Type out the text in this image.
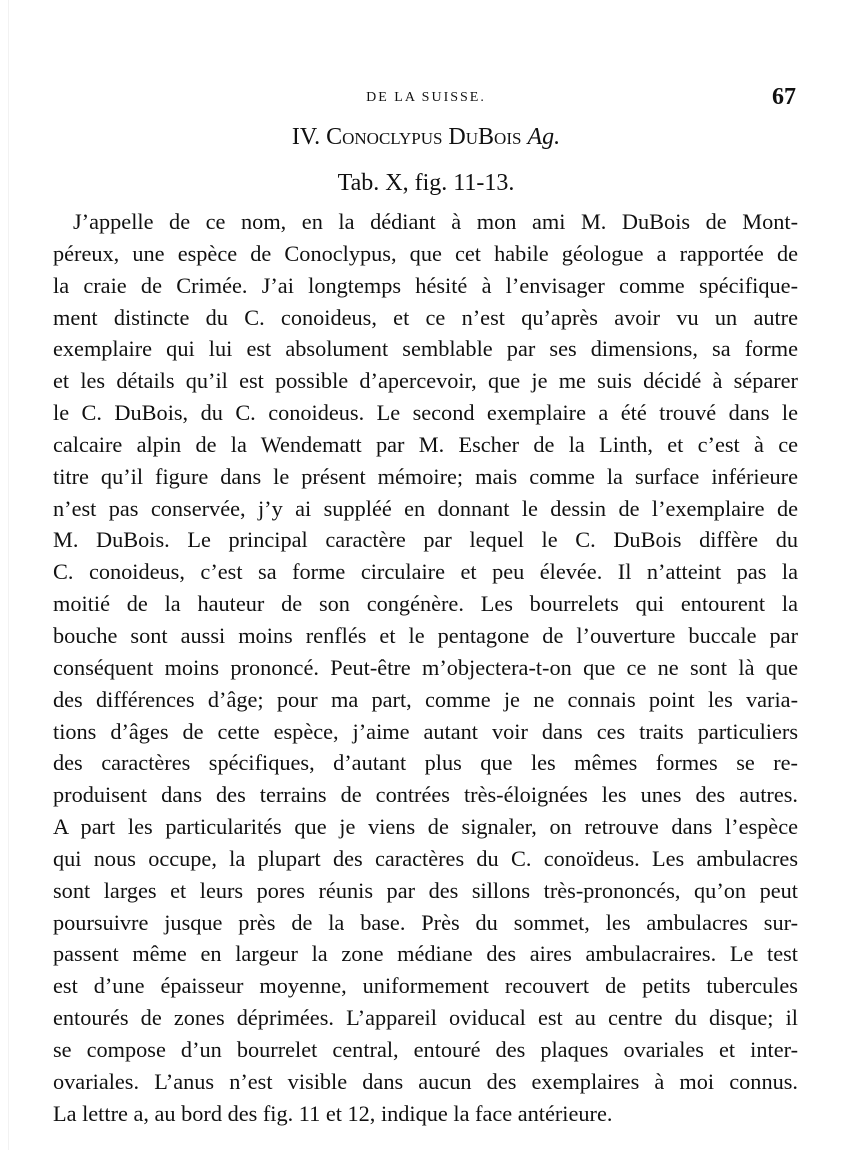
DE LA SUISSE.	67
IV. Conoclypus DuBois Ag.
Tab. X, fig. 11-13.
J’appelle de ce nom, en la dédiant à mon ami M. DuBois de Mont-
péreux, une espèce de Conoclypus, que cet habile géologue a rapportée de
la craie de Crimée. J’ai longtemps hésité à l’envisager comme spécifique-
ment distincte du C. conoideus, et ce n’est qu’après avoir vu un autre
exemplaire qui lui est absolument semblable par ses dimensions, sa forme
et les détails qu’il est possible d’apercevoir, que je me suis décidé à séparer
le C. DuBois, du C. conoideus. Le second exemplaire a été trouvé dans le
calcaire alpin de la Wendematt par M. Escher de la Linth, et c’est à ce
titre qu’il figure dans le présent mémoire; mais comme la surface inférieure
n’est pas conservée, j’y ai suppléé en donnant le dessin de l’exemplaire de
M. DuBois. Le principal caractère par lequel le C. DuBois diffère du
C. conoideus, c’est sa forme circulaire et peu élevée. Il n’atteint pas la
moitié de la hauteur de son congénère. Les bourrelets qui entourent la
bouche sont aussi moins renflés et le pentagone de l’ouverture buccale par
conséquent moins prononcé. Peut-être m’objectera-t-on que ce ne sont là que
des différences d’âge; pour ma part, comme je ne connais point les varia-
tions d’âges de cette espèce, j’aime autant voir dans ces traits particuliers
des caractères spécifiques, d’autant plus que les mêmes formes se re-
produisent dans des terrains de contrées très-éloignées les unes des autres.
A part les particularités que je viens de signaler, on retrouve dans l’espèce
qui nous occupe, la plupart des caractères du C. conoïdeus. Les ambulacres
sont larges et leurs pores réunis par des sillons très-prononcés, qu’on peut
poursuivre jusque près de la base. Près du sommet, les ambulacres sur-
passent même en largeur la zone médiane des aires ambulacraires. Le test
est d’une épaisseur moyenne, uniformement recouvert de petits tubercules
entourés de zones déprimées. L’appareil oviducal est au centre du disque; il
se compose d’un bourrelet central, entouré des plaques ovariales et inter-
ovariales. L’anus n’est visible dans aucun des exemplaires à moi connus.
La lettre a, au bord des fig. 11 et 12, indique la face antérieure.
